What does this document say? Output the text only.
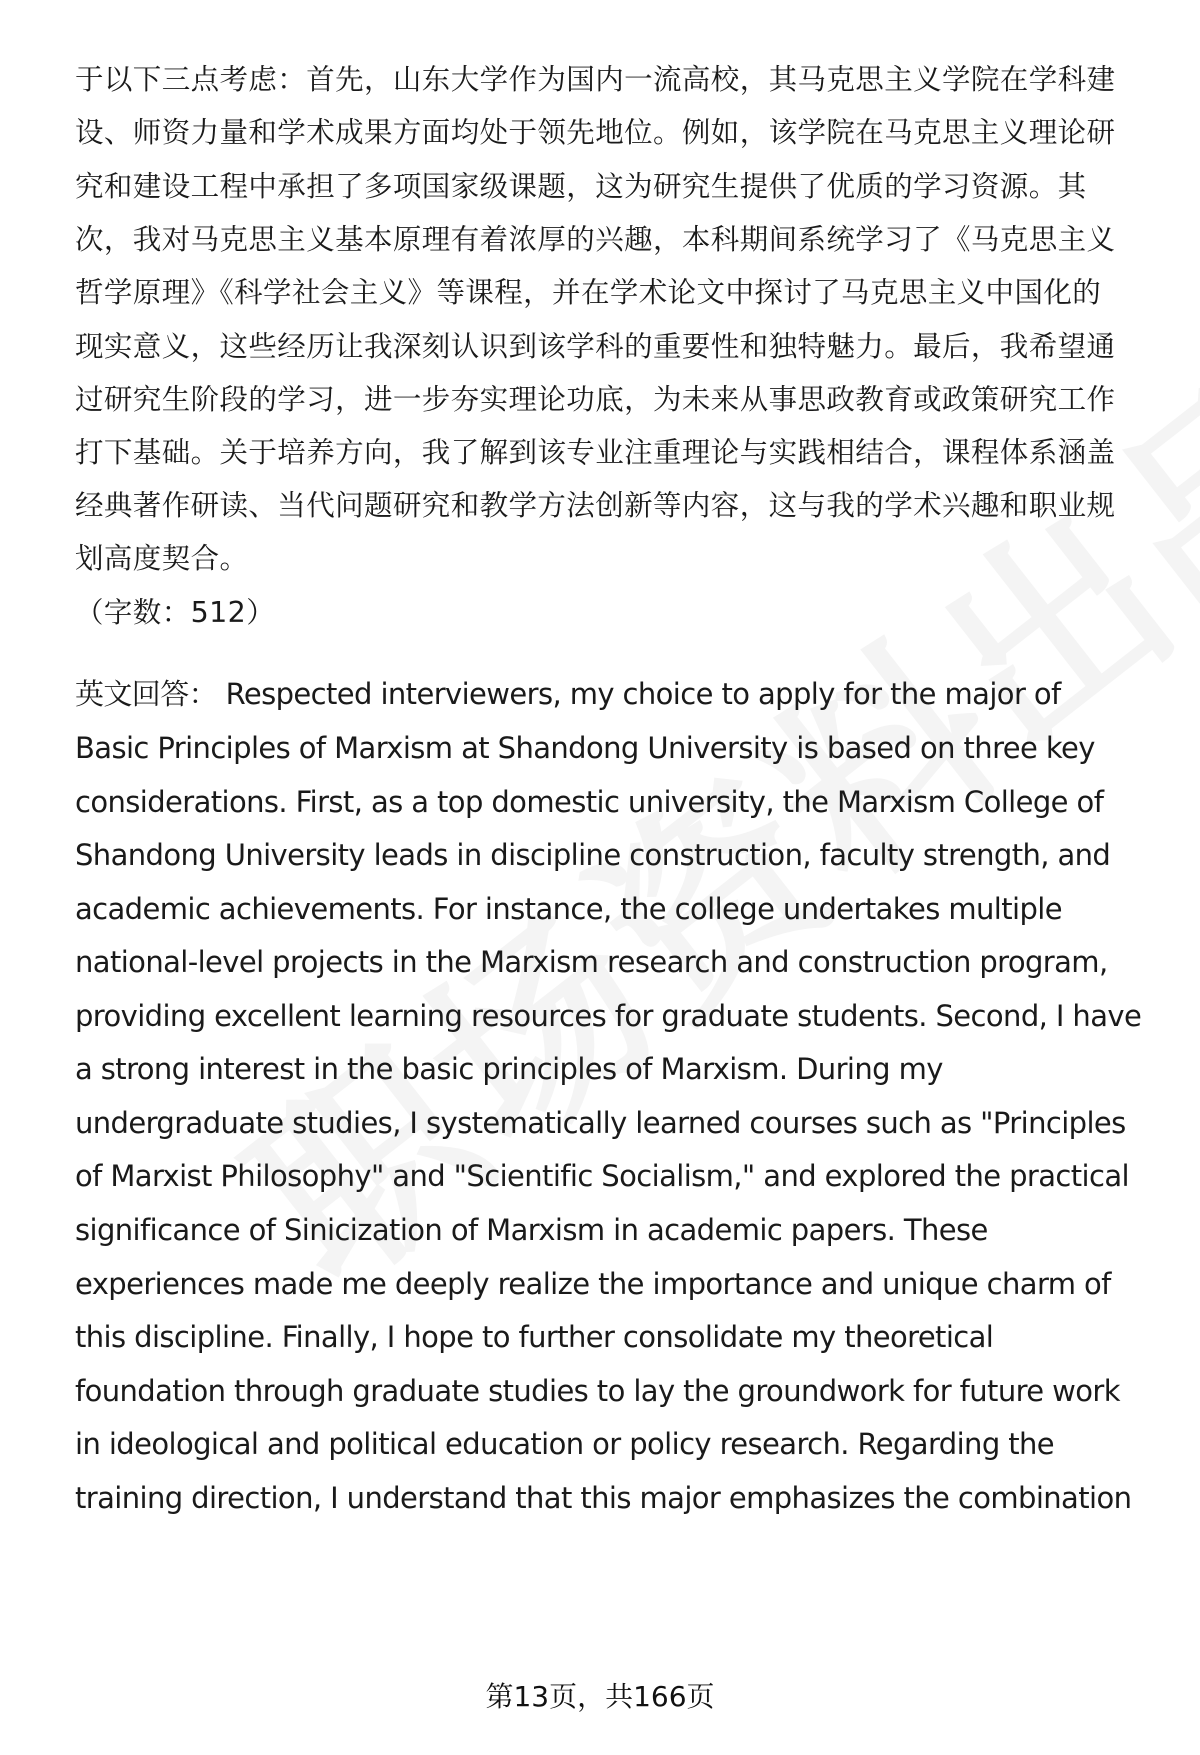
于以下三点考虑：首先，山东大学作为国内一流高校，其马克思主义学院在学科建
设、师资力量和学术成果方面均处于领先地位。例如，该学院在马克思主义理论研
究和建设工程中承担了多项国家级课题，这为研究生提供了优质的学习资源。其
次，我对马克思主义基本原理有着浓厚的兴趣，本科期间系统学习了《马克思主义
哲学原理》《科学社会主义》等课程，并在学术论文中探讨了马克思主义中国化的
现实意义，这些经历让我深刻认识到该学科的重要性和独特魅力。最后，我希望通
过研究生阶段的学习，进一步夯实理论功底，为未来从事思政教育或政策研究工作
打下基础。关于培养方向，我了解到该专业注重理论与实践相结合，课程体系涵盖
经典著作研读、当代问题研究和教学方法创新等内容，这与我的学术兴趣和职业规
划高度契合。
（字数：512）
英文回答： Respected interviewers, my choice to apply for the major of
Basic Principles of Marxism at Shandong University is based on three key
considerations. First, as a top domestic university, the Marxism College of
Shandong University leads in discipline construction, faculty strength, and
academic achievements. For instance, the college undertakes multiple
national-level projects in the Marxism research and construction program,
providing excellent learning resources for graduate students. Second, I have
a strong interest in the basic principles of Marxism. During my
undergraduate studies, I systematically learned courses such as "Principles
of Marxist Philosophy" and "Scientific Socialism," and explored the practical
significance of Sinicization of Marxism in academic papers. These
experiences made me deeply realize the importance and unique charm of
this discipline. Finally, I hope to further consolidate my theoretical
foundation through graduate studies to lay the groundwork for future work
in ideological and political education or policy research. Regarding the
training direction, I understand that this major emphasizes the combination
第13页，共166页
